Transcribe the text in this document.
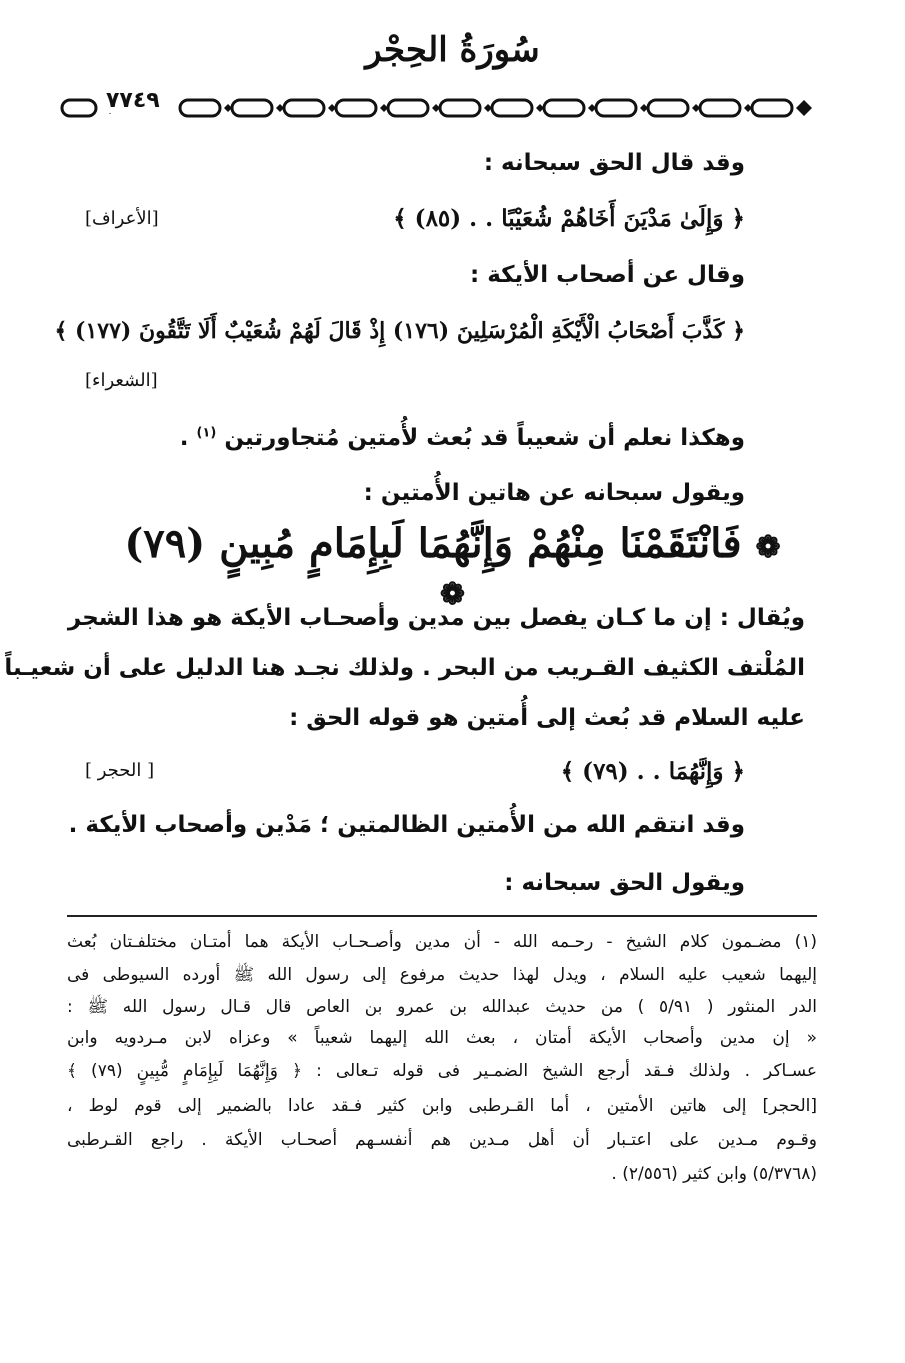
سُورَةُ الحِجْر
٧٧٤٩
وقد قال الحق سبحانه :
﴿ وَإِلَىٰ مَدْيَنَ أَخَاهُمْ شُعَيْبًا . . (٨٥) ﴾
[الأعراف]
وقال عن أصحاب الأيكة :
﴿ كَذَّبَ أَصْحَابُ الْأَيْكَةِ الْمُرْسَلِينَ (١٧٦) إِذْ قَالَ لَهُمْ شُعَيْبٌ أَلَا تَتَّقُونَ (١٧٧) ﴾
[الشعراء]
وهكذا نعلم أن شعيباً قد بُعث لأُمتين مُتجاورتين $^{(١)}$ .
ويقول سبحانه عن هاتين الأُمتين :
❁ فَانْتَقَمْنَا مِنْهُمْ وَإِنَّهُمَا لَبِإِمَامٍ مُبِينٍ (٧٩) ❁
ويُقال : إن ما كـان يفصل بين مدين وأصحـاب الأيكة هو هذا الشجر
المُلْتف الكثيف القـريب من البحر . ولذلك نجـد هنا الدليل على أن شعيـباً
عليه السلام قد بُعث إلى أُمتين هو قوله الحق :
﴿ وَإِنَّهُمَا . . (٧٩) ﴾
[ الحجر ]
وقد انتقم الله من الأُمتين الظالمتين ؛ مَدْين وأصحاب الأيكة .
ويقول الحق سبحانه :
(١) مضـمون كلام الشيخ - رحـمه الله - أن مدين وأصـحـاب الأيكة هما أمتـان مختلفـتان بُعث
إليهما شعيب عليه السلام ، ويدل لهذا حديث مرفوع إلى رسول الله ﷺ أورده السيوطى فى
الدر المنثور ( ٥/٩١ ) من حديث عبدالله بن عمرو بن العاص قال قـال رسول الله ﷺ :
« إن مدين وأصحاب الأيكة أمتان ، بعث الله إليهما شعيباً » وعزاه لابن مـردويه وابن
عسـاكر . ولذلك فـقد أرجع الشيخ الضمـير فى قوله تـعالى : ﴿ وَإِنَّهُمَا لَبِإِمَامٍ مُّبِينٍ (٧٩) ﴾
[الحجر] إلى هاتين الأمتين ، أما القـرطبى وابن كثير فـقد عادا بالضمير إلى قوم لوط ،
وقـوم مـدين على اعتـبار أن أهل مـدين هم أنفسـهم أصحـاب الأيكة . راجع القـرطبى
(٥/٣٧٦٨) وابن كثير (٢/٥٥٦) .
